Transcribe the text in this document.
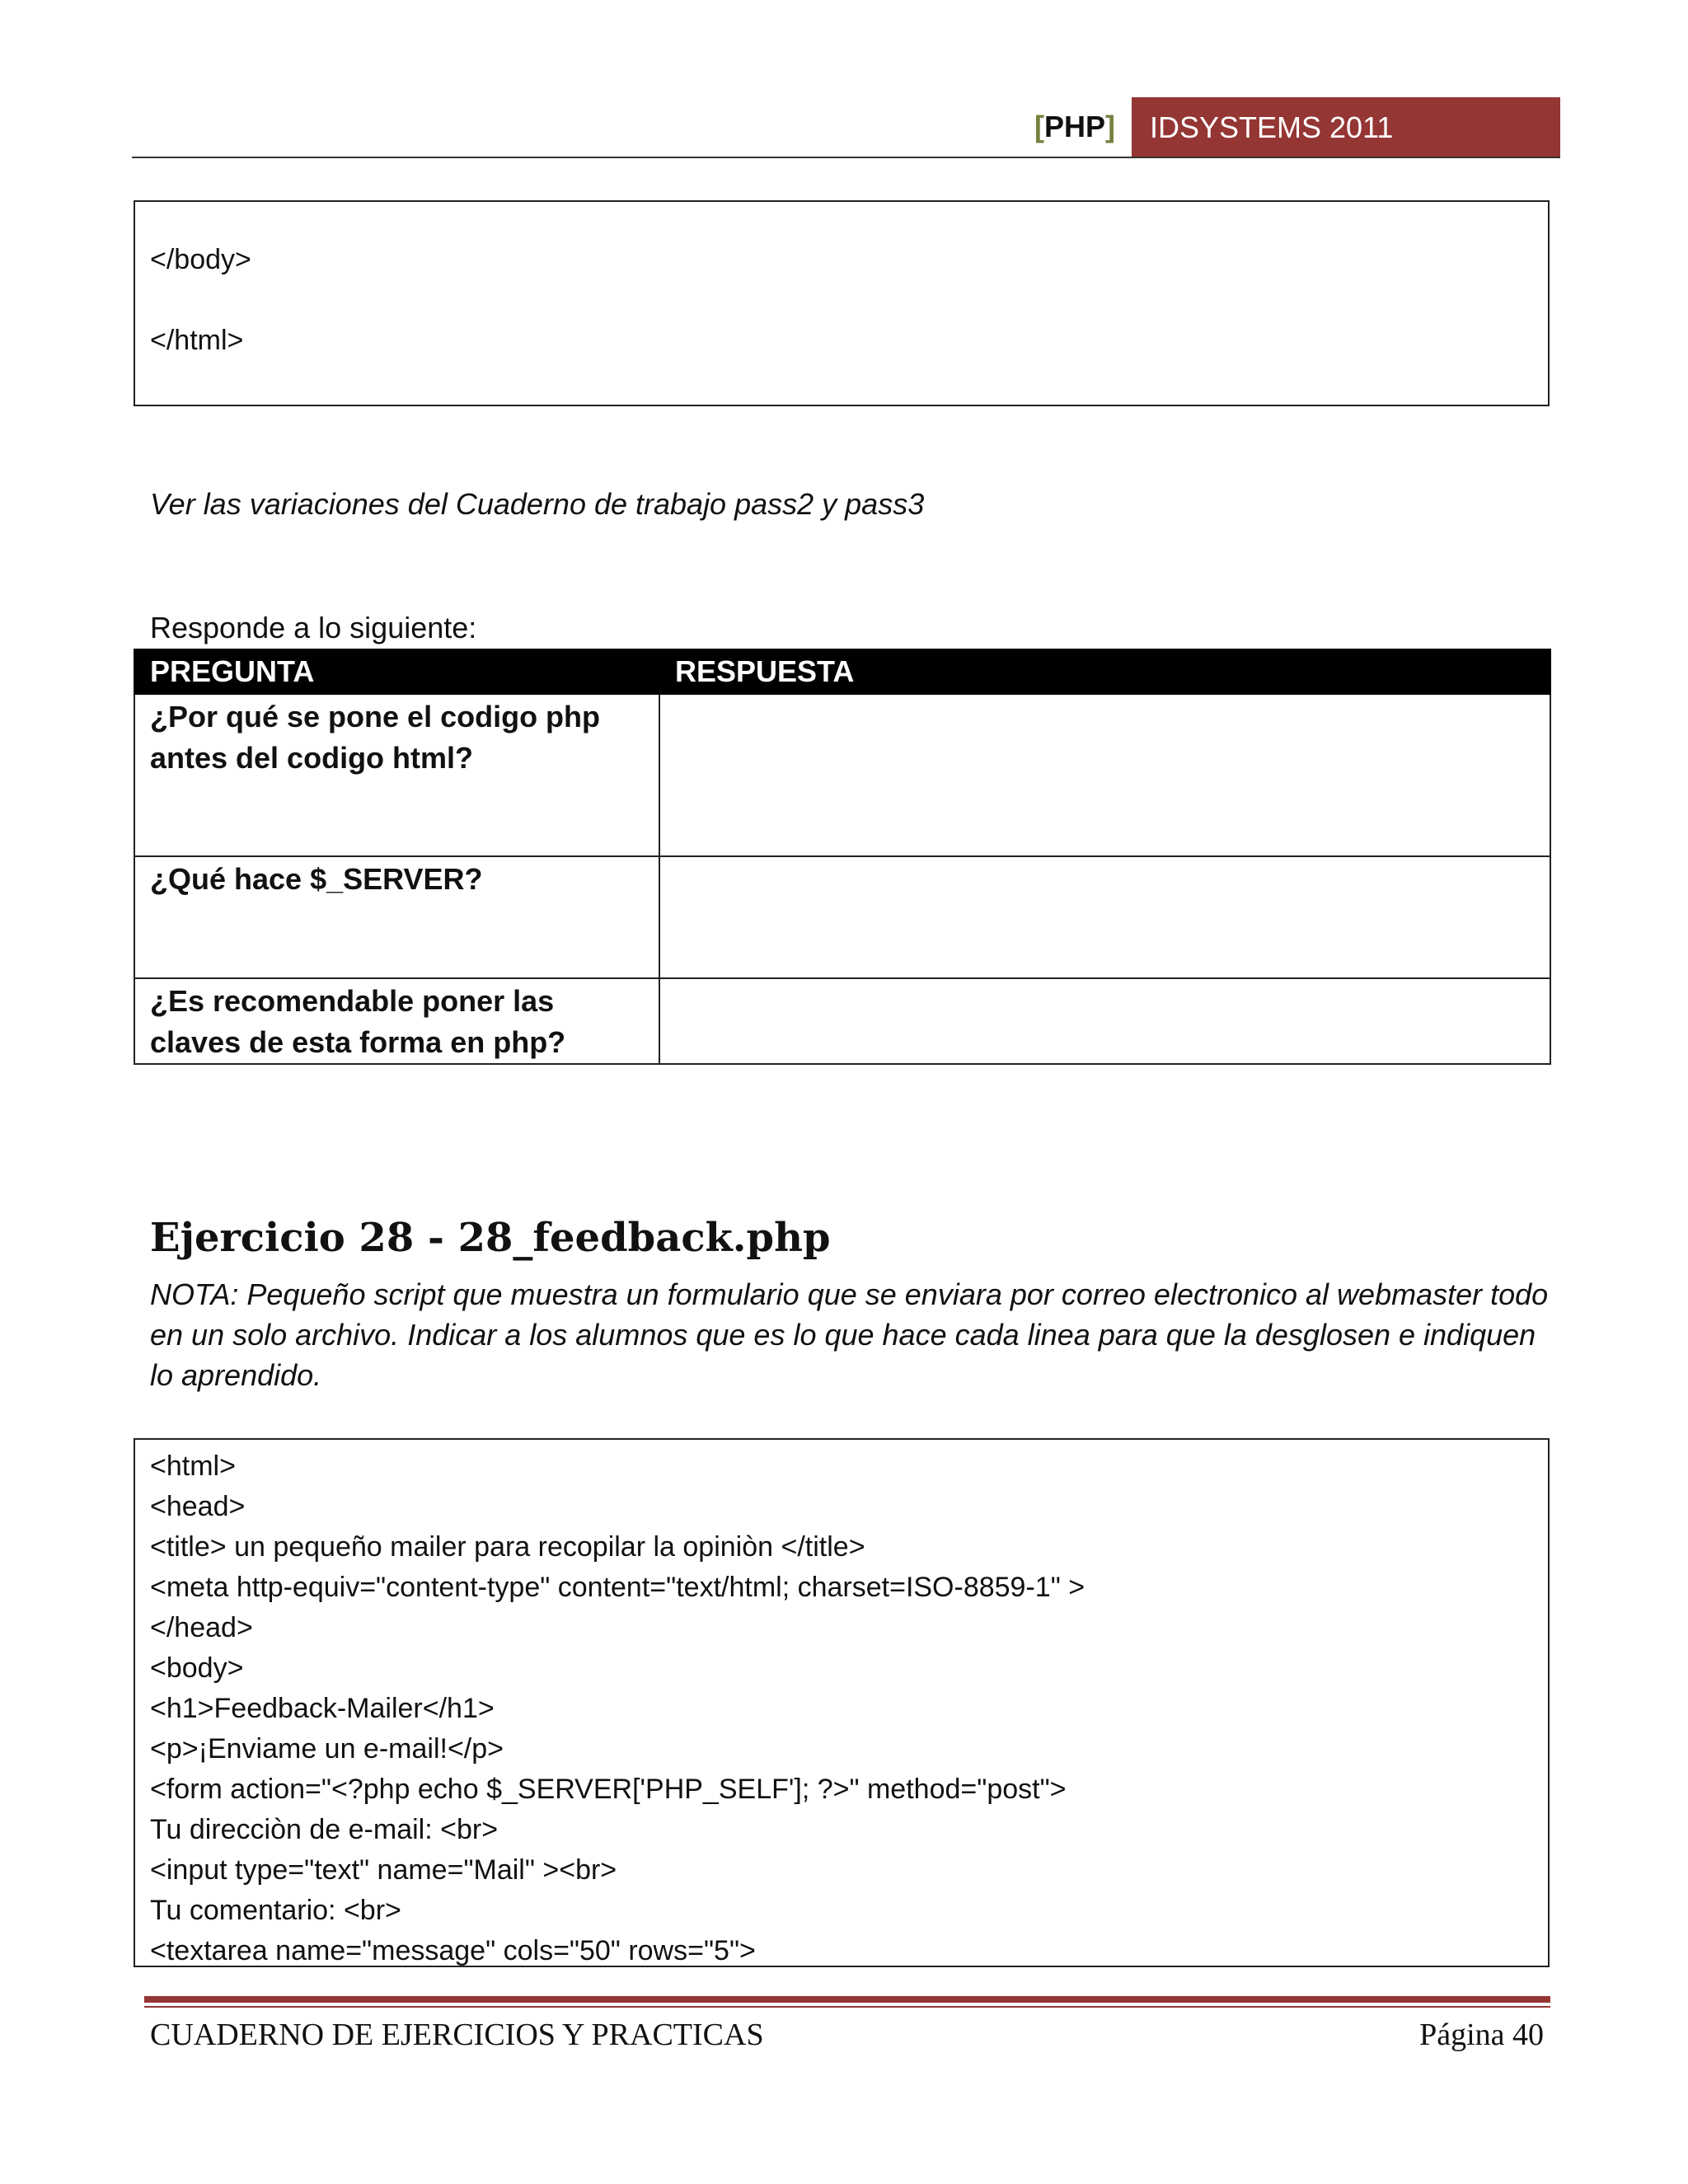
[PHP]	IDSYSTEMS 2011
</body>
</html>
Ver las variaciones del Cuaderno de trabajo pass2 y pass3
Responde a lo siguiente:
PREGUNTA	RESPUESTA
¿Por qué se pone el codigo php antes del codigo html?	
¿Qué hace $_SERVER?	
¿Es recomendable poner las claves de esta forma en php?	
Ejercicio 28 - 28_feedback.php
NOTA: Pequeño script que muestra un formulario que se enviara por correo electronico al webmaster todo en un solo archivo. Indicar a los alumnos que es lo que hace cada linea para que la desglosen e indiquen lo aprendido.
<html>
<head>
<title> un pequeño mailer para recopilar la opiniòn </title>
<meta http-equiv="content-type" content="text/html; charset=ISO-8859-1" >
</head>
<body>
<h1>Feedback-Mailer</h1>
<p>¡Enviame un e-mail!</p>
<form action="<?php echo $_SERVER['PHP_SELF']; ?>" method="post">
Tu direcciòn de e-mail: <br>
<input type="text" name="Mail" ><br>
Tu comentario: <br>
<textarea name="message" cols="50" rows="5">
CUADERNO DE EJERCICIOS Y PRACTICAS	Página 40
